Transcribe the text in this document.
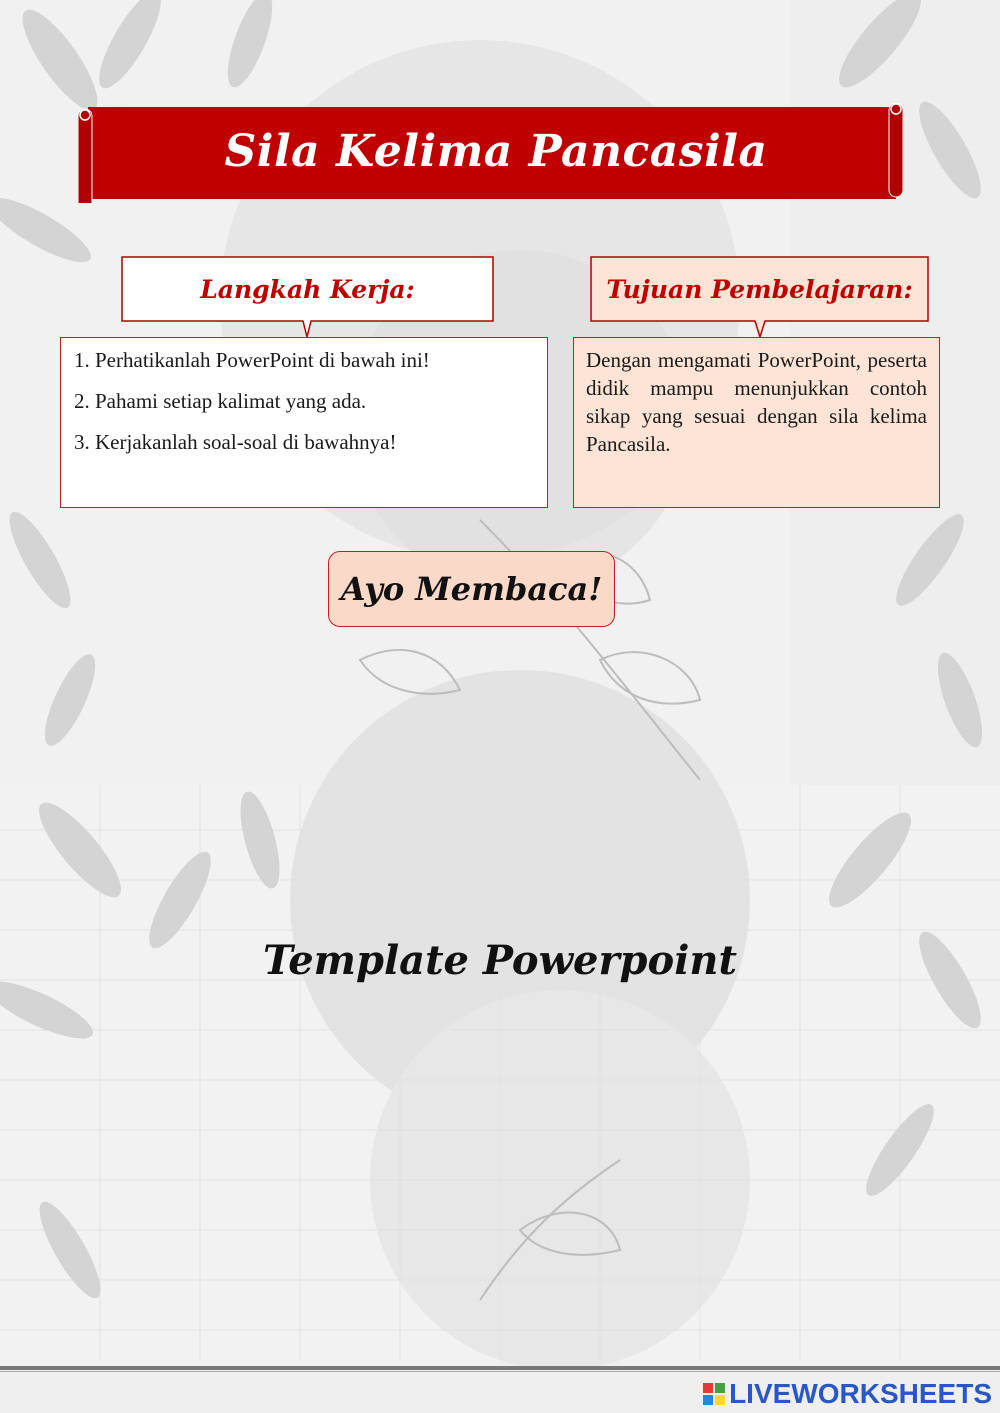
Sila Kelima Pancasila
Langkah Kerja:
1. Perhatikanlah PowerPoint di bawah ini!
2. Pahami setiap kalimat yang ada.
3. Kerjakanlah soal-soal di bawahnya!
Tujuan Pembelajaran:

Dengan mengamati PowerPoint, peserta didik mampu menunjukkan contoh sikap yang sesuai dengan sila kelima Pancasila.

Ayo Membaca!
Template Powerpoint
LIVEWORKSHEETS
